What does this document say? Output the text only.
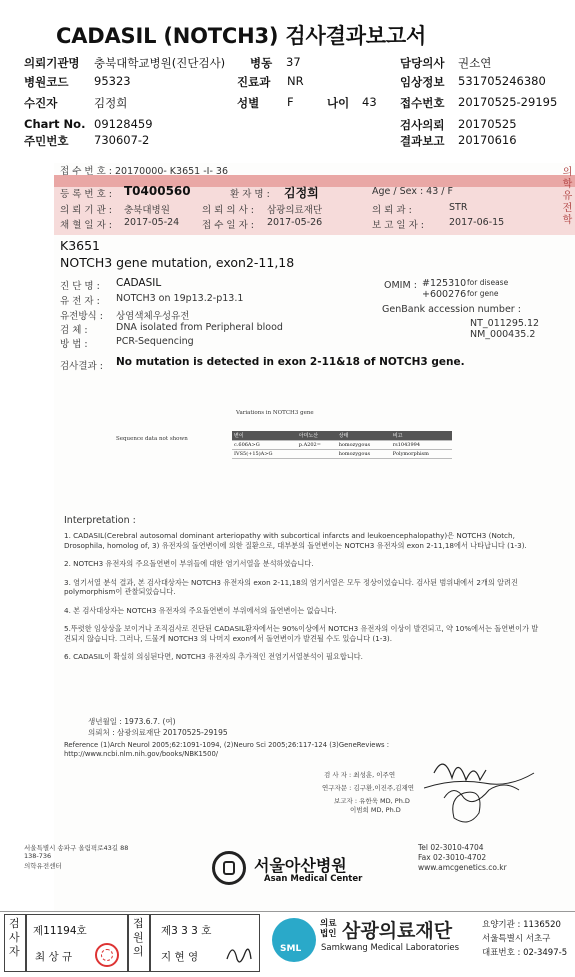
CADASIL (NOTCH3) 검사결과보고서
의뢰기관명 충북대학교병원(진단검사) 병동 37	담당의사 권소연
병원코드 95323	진료과 NR	임상정보 531705246380
수진자	김정희	성별 F	나이 43 접수번호 20170525-29195
Chart No. 09128459	검사의뢰 20170525
주민번호 730607-2	결과보고 20170616
의학유전학
접 수 번 호 : 20170000- K3651 -I- 36
등 록 번 호 : T0400560	환 자 명 : 김정희	Age / Sex : 43 / F
의 뢰 기 관 : 충북대병원	의 뢰 의 사 : 삼광의료재단	의 뢰 과 :	STR
채 혈 일 자 : 2017-05-24 접 수 일 자 : 2017-05-26	보 고 일 자 :	2017-06-15
K3651
NOTCH3 gene mutation, exon2-11,18
진 단 명 : CADASIL
유 전 자 : NOTCH3 on 19p13.2-p13.1
유전방식 : 상염색체우성유전
검 체 :	DNA isolated from Peripheral blood
방 법 :	PCR-Sequencing
OMIM : #125310 for disease
+600276 for gene
GenBank accession number :
NT_011295.12
NM_000435.2
검사결과 : No mutation is detected in exon 2-11&18 of NOTCH3 gene.
Variations in NOTCH3 gene
Sequence data not shown	변이	아미노산	상태	비고
c.606A>G	p.A202=	homozygous	rs1043994
IVS5(+15)A>G		homozygous	Polymorphism
Interpretation :

1. CADASIL(Cerebral autosomal dominant arteriopathy with subcortical infarcts and leukoencephalopathy)은 NOTCH3 (Notch, Drosophila, homolog of, 3) 유전자의 돌연변이에 의한 질환으로, 대부분의 돌연변이는 NOTCH3 유전자의 exon 2-11,18에서 나타납니다 (1-3).

2. NOTCH3 유전자의 주요돌연변이 부위들에 대한 염기서열을 분석하였습니다.

3. 염기서열 분석 결과, 본 검사대상자는 NOTCH3 유전자의 exon 2-11,18의 염기서열은 모두 정상이었습니다. 검사된 범위내에서 2개의 알려진 polymorphism이 관찰되었습니다.

4. 본 검사대상자는 NOTCH3 유전자의 주요돌연변이 부위에서의 돌연변이는 없습니다.

5.뚜렷한 임상상을 보이거나 조직검사로 진단된 CADASIL환자에서는 90%이상에서 NOTCH3 유전자의 이상이 발견되고, 약 10%에서는 돌연변이가 발견되지 않습니다. 그러나, 드물게 NOTCH3 의 나머지 exon에서 돌연변이가 발견될 수도 있습니다 (1-3).

6. CADASIL이 확실히 의심된다면, NOTCH3 유전자의 추가적인 전염기서열분석이 필요합니다.

생년월일 : 1973.6.7. (여)
의뢰처 : 삼광의료재단 20170525-29195
Reference (1)Arch Neurol 2005;62:1091-1094, (2)Neuro Sci 2005;26:117-124 (3)GeneReviews : http://www.ncbi.nlm.nih.gov/books/NBK1500/
검 사 자 : 최성훈, 이주연
연구자문 : 김구환,이진주,김재연
보고자 : 유한욱 MD, Ph.D
이범희 MD, Ph.D
서울특별시 송파구 올림픽로43길 88
138-736
의학유전센터	서울아산병원
Asan Medical Center
Tel 02-3010-4704
Fax 02-3010-4702
www.amcgenetics.co.kr
검사자
제11194호
최 상 규
접원의
제3 3 3 호
지 현 영
SML
의료법인 삼광의료재단
Samkwang Medical Laboratories
요양기관 : 1136520
서울특별시 서초구
대표번호 : 02-3497-5
